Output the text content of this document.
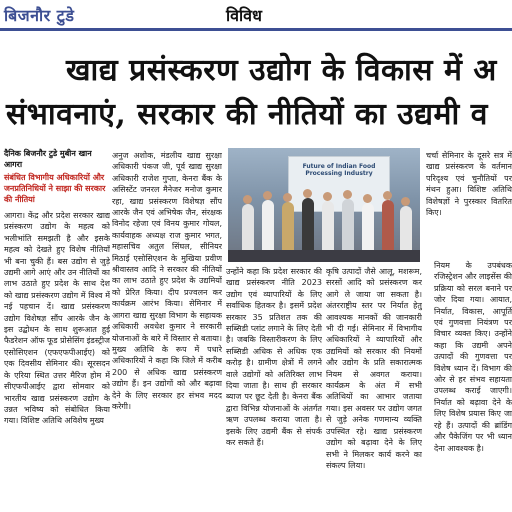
बिजनौर टुडे	विविध
खाद्य प्रसंस्करण उद्योग के विकास में अ
संभावनाएं, सरकार की नीतियों का उद्यमी व
दैनिक बिजनौर टुडे मुबीन खान आगरा
संबंधित विभागीय अधिकारियों और जनप्रतिनिधियों ने साझा की सरकार की नीतियां
आगरा। केंद्र और प्रदेश सरकार खाद्य प्रसंस्करण उद्योग के महत्व को भलीभांति समझती है और इसके महत्व को देखते हुए विशेष नीतियाँ भी बना चुकी हैं। बस उद्योग से जुड़े उद्यमी आगे आएं और उन नीतियों का लाभ उठाते हुए प्रदेश के साथ देश को खाद्य प्रसंस्करण उद्योग में विश्व में नई पहचान दें। खाद्य प्रसंस्करण उद्योग विशेषज्ञ सौंप आरके जैन के इस उद्बोधन के साथ शुरूआत हुई फैडरेशन ऑफ फूड प्रोसेसिंग इंडस्ट्रीज एसोसिएशन (एफएफपीआईए) को एक दिवसीय सेमिनार की। सूरसदन के एरिया स्थित उत्तर मैरिज होम में सीएफपीआईए द्वारा सोमवार को भारतीय खाद्य प्रसंस्करण उद्योग के उन्नत भविष्य को संबोधित किया गया। विशिष्ट अतिथि अविशेष मुख्य
अनुज अशोक, मंडलीय खाद्य सुरक्षा अधिकारी पंकज जी, पूर्व खाद्य सुरक्षा अधिकारी राजेश गुप्ता, केनरा बैंक के असिस्टेंट जनरल मैनेजर मनोज कुमार रहा, खाद्य प्रसंस्करण विशेषज्ञ सौंप आरके जैन एवं अभिषेक जैन, संरक्षक विनोद रहेजा एवं विनय कुमार गोयल, कार्यवाहक अध्यक्ष राज कुमार भगत, महासचिव अतुल सिंघल, सीनियर मिठाई एसोसिएशन के मुखिया प्रवीण श्रीवास्तव आदि ने सरकार की नीतियों का लाभ उठाते हुए प्रदेश के उद्यमियों को प्रेरित किया। दीप प्रज्वलन कर कार्यक्रम आरंभ किया। सेमिनार में आगरा खाद्य सुरक्षा विभाग के सहायक अधिकारी अवधेश कुमार ने सरकारी योजनाओं के बारे में विस्तार से बताया। मुख्य अतिथि के रूप में पधारे अधिकारियों ने कहा कि जिले में करीब 200 से अधिक खाद्य प्रसंस्करण उद्योग हैं। इन उद्योगों को और बढ़ावा देने के लिए सरकार हर संभव मदद करेगी।
Future of Indian Food Processing Industry
उन्होंने कहा कि प्रदेश सरकार की खाद्य प्रसंस्करण नीति 2023 उद्योग एवं व्यापारियों के लिए सर्वाधिक हितकर है। इसमें प्रदेश सरकार 35 प्रतिशत तक की सब्सिडी प्लांट लगाने के लिए देती है। जबकि विस्तारीकरण के लिए सब्सिडी अधिक से अधिक एक करोड़ है। ग्रामीण क्षेत्रों में लगने वाले उद्योगों को अतिरिक्त लाभ दिया जाता है। साथ ही सरकार ब्याज पर छूट देती है। केनरा बैंक द्वारा विभिन्न योजनाओं के अंतर्गत ऋण उपलब्ध कराया जाता है। इसके लिए उद्यमी बैंक से संपर्क कर सकते हैं।
कृषि उत्पादों जैसे आलू, मशरूम, सरसों आदि को प्रसंस्करण कर आगे ले जाया जा सकता है। अंतरराष्ट्रीय स्तर पर निर्यात हेतु आवश्यक मानकों की जानकारी भी दी गई। सेमिनार में विभागीय अधिकारियों ने व्यापारियों और उद्यमियों को सरकार की नियमों और उद्योग के प्रति सकारात्मक नियम से अवगत कराया। कार्यक्रम के अंत में सभी अतिथियों का आभार जताया गया। इस अवसर पर उद्योग जगत से जुड़े अनेक गणमान्य व्यक्ति उपस्थित रहे। खाद्य प्रसंस्करण उद्योग को बढ़ावा देने के लिए सभी ने मिलकर कार्य करने का संकल्प लिया।
चर्चा सेमिनार के दूसरे सत्र में खाद्य प्रसंस्करण के वर्तमान परिदृश्य एवं चुनौतियों पर मंथन हुआ। विशिष्ट अतिथि विशेषज्ञों ने पुरस्कार वितरित किए।
नियम के उपबंधक रजिस्ट्रेशन और लाइसेंस की प्रक्रिया को सरल बनाने पर जोर दिया गया। आयात, निर्यात, विकास, आपूर्ति एवं गुणवत्ता नियंत्रण पर विचार व्यक्त किए। उन्होंने कहा कि उद्यमी अपने उत्पादों की गुणवत्ता पर विशेष ध्यान दें। विभाग की ओर से हर संभव सहायता उपलब्ध कराई जाएगी। निर्यात को बढ़ावा देने के लिए विशेष प्रयास किए जा रहे हैं। उत्पादों की ब्रांडिंग और पैकेजिंग पर भी ध्यान देना आवश्यक है।
